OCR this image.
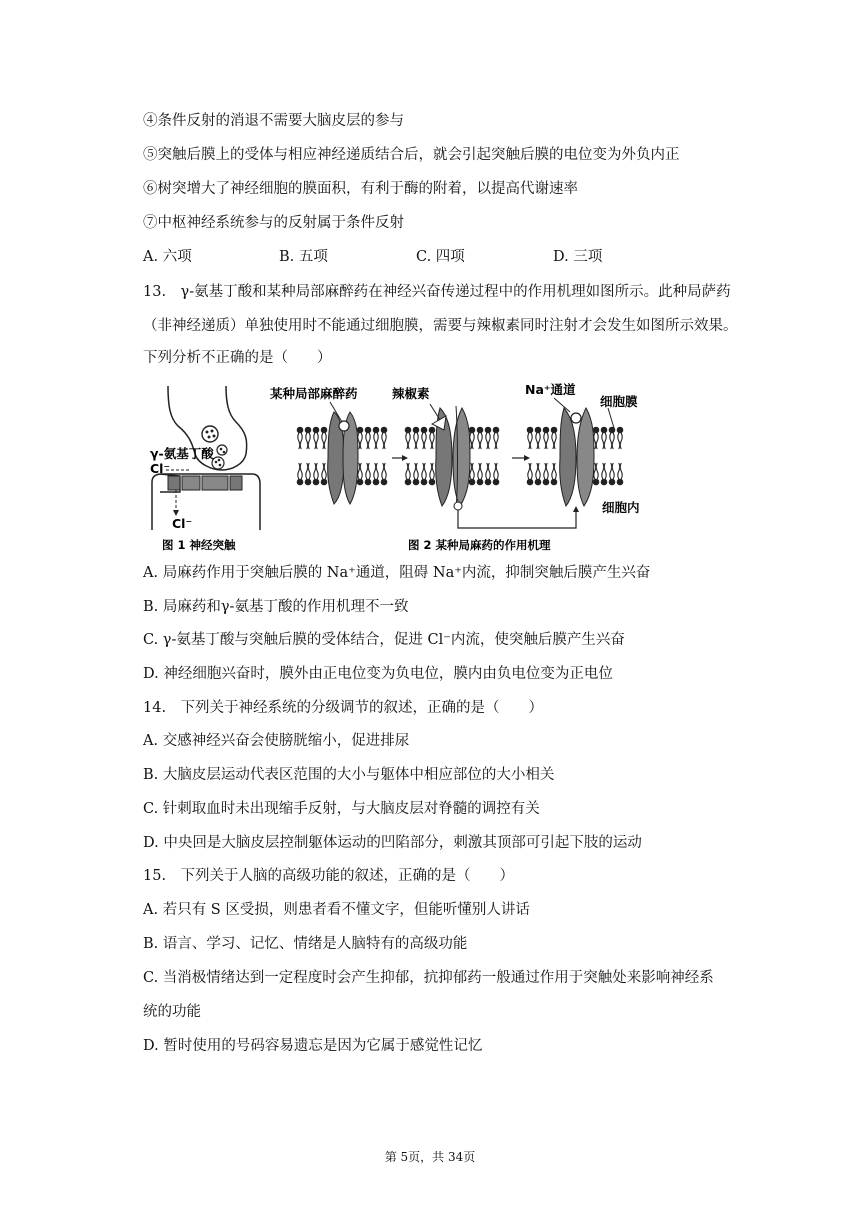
④条件反射的消退不需要大脑皮层的参与
⑤突触后膜上的受体与相应神经递质结合后，就会引起突触后膜的电位变为外负内正
⑥树突增大了神经细胞的膜面积，有利于酶的附着，以提高代谢速率
⑦中枢神经系统参与的反射属于条件反射
A. 六项	B. 五项	C. 四项	D. 三项
13.　γ-氨基丁酸和某种局部麻醉药在神经兴奋传递过程中的作用机理如图所示。此种局萨药
（非神经递质）单独使用时不能通过细胞膜，需要与辣椒素同时注射才会发生如图所示效果。
下列分析不正确的是（　　）
γ-氨基丁酸
Cl⁻
Cl⁻
图 1 神经突触
某种局部麻醉药	辣椒素	Na⁺通道
细胞膜
细胞内
图 2 某种局麻药的作用机理
A. 局麻药作用于突触后膜的 Na⁺通道，阻碍 Na⁺内流，抑制突触后膜产生兴奋
B. 局麻药和γ-氨基丁酸的作用机理不一致
C. γ-氨基丁酸与突触后膜的受体结合，促进 Cl⁻内流，使突触后膜产生兴奋
D. 神经细胞兴奋时，膜外由正电位变为负电位，膜内由负电位变为正电位
14.　下列关于神经系统的分级调节的叙述，正确的是（　　）
A. 交感神经兴奋会使膀胱缩小，促进排尿
B. 大脑皮层运动代表区范围的大小与躯体中相应部位的大小相关
C. 针刺取血时未出现缩手反射，与大脑皮层对脊髓的调控有关
D. 中央回是大脑皮层控制躯体运动的凹陷部分，刺激其顶部可引起下肢的运动
15.　下列关于人脑的高级功能的叙述，正确的是（　　）
A. 若只有 S 区受损，则患者看不懂文字，但能听懂别人讲话
B. 语言、学习、记忆、情绪是人脑特有的高级功能
C. 当消极情绪达到一定程度时会产生抑郁，抗抑郁药一般通过作用于突触处来影响神经系
统的功能
D. 暂时使用的号码容易遗忘是因为它属于感觉性记忆
第 5页，共 34页
